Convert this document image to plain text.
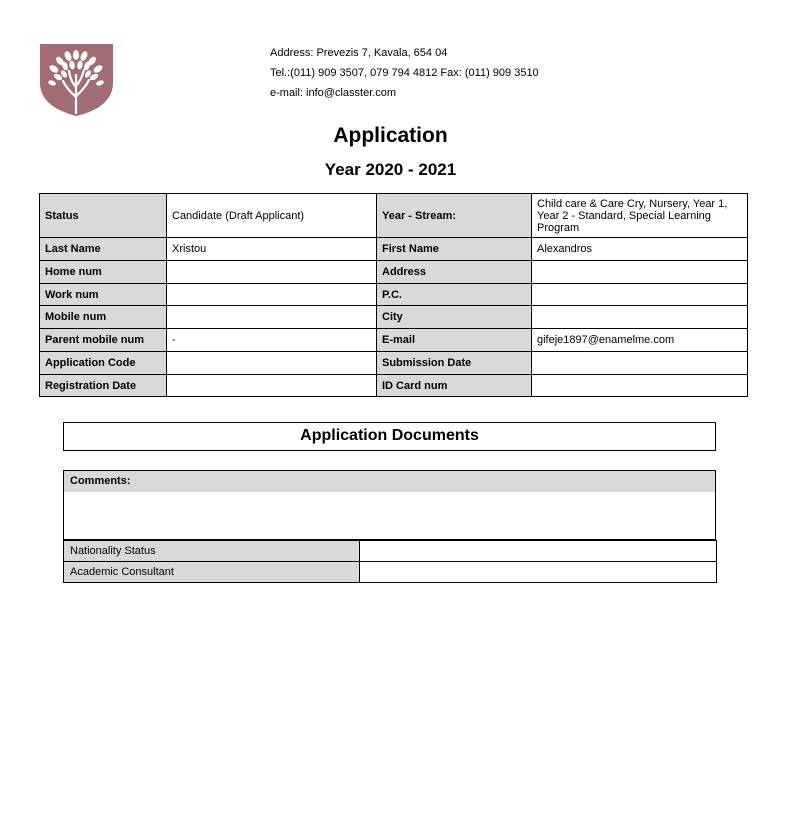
Address: Prevezis 7, Kavala, 654 04
Tel.:(011) 909 3507, 079 794 4812 Fax: (011) 909 3510
e-mail: info@classter.com
Application
Year 2020 - 2021
Status	Candidate (Draft Applicant)	Year - Stream:	Child care & Care Cry, Nursery, Year 1, Year 2 - Standard, Special Learning Program
Last Name	Xristou	First Name	Alexandros
Home num		Address	
Work num		P.C.	
Mobile num		City	
Parent mobile num	-	E-mail	gifeje1897@enamelme.com
Application Code		Submission Date	
Registration Date		ID Card num	
Application Documents
Comments:
Nationality Status	
Academic Consultant	
